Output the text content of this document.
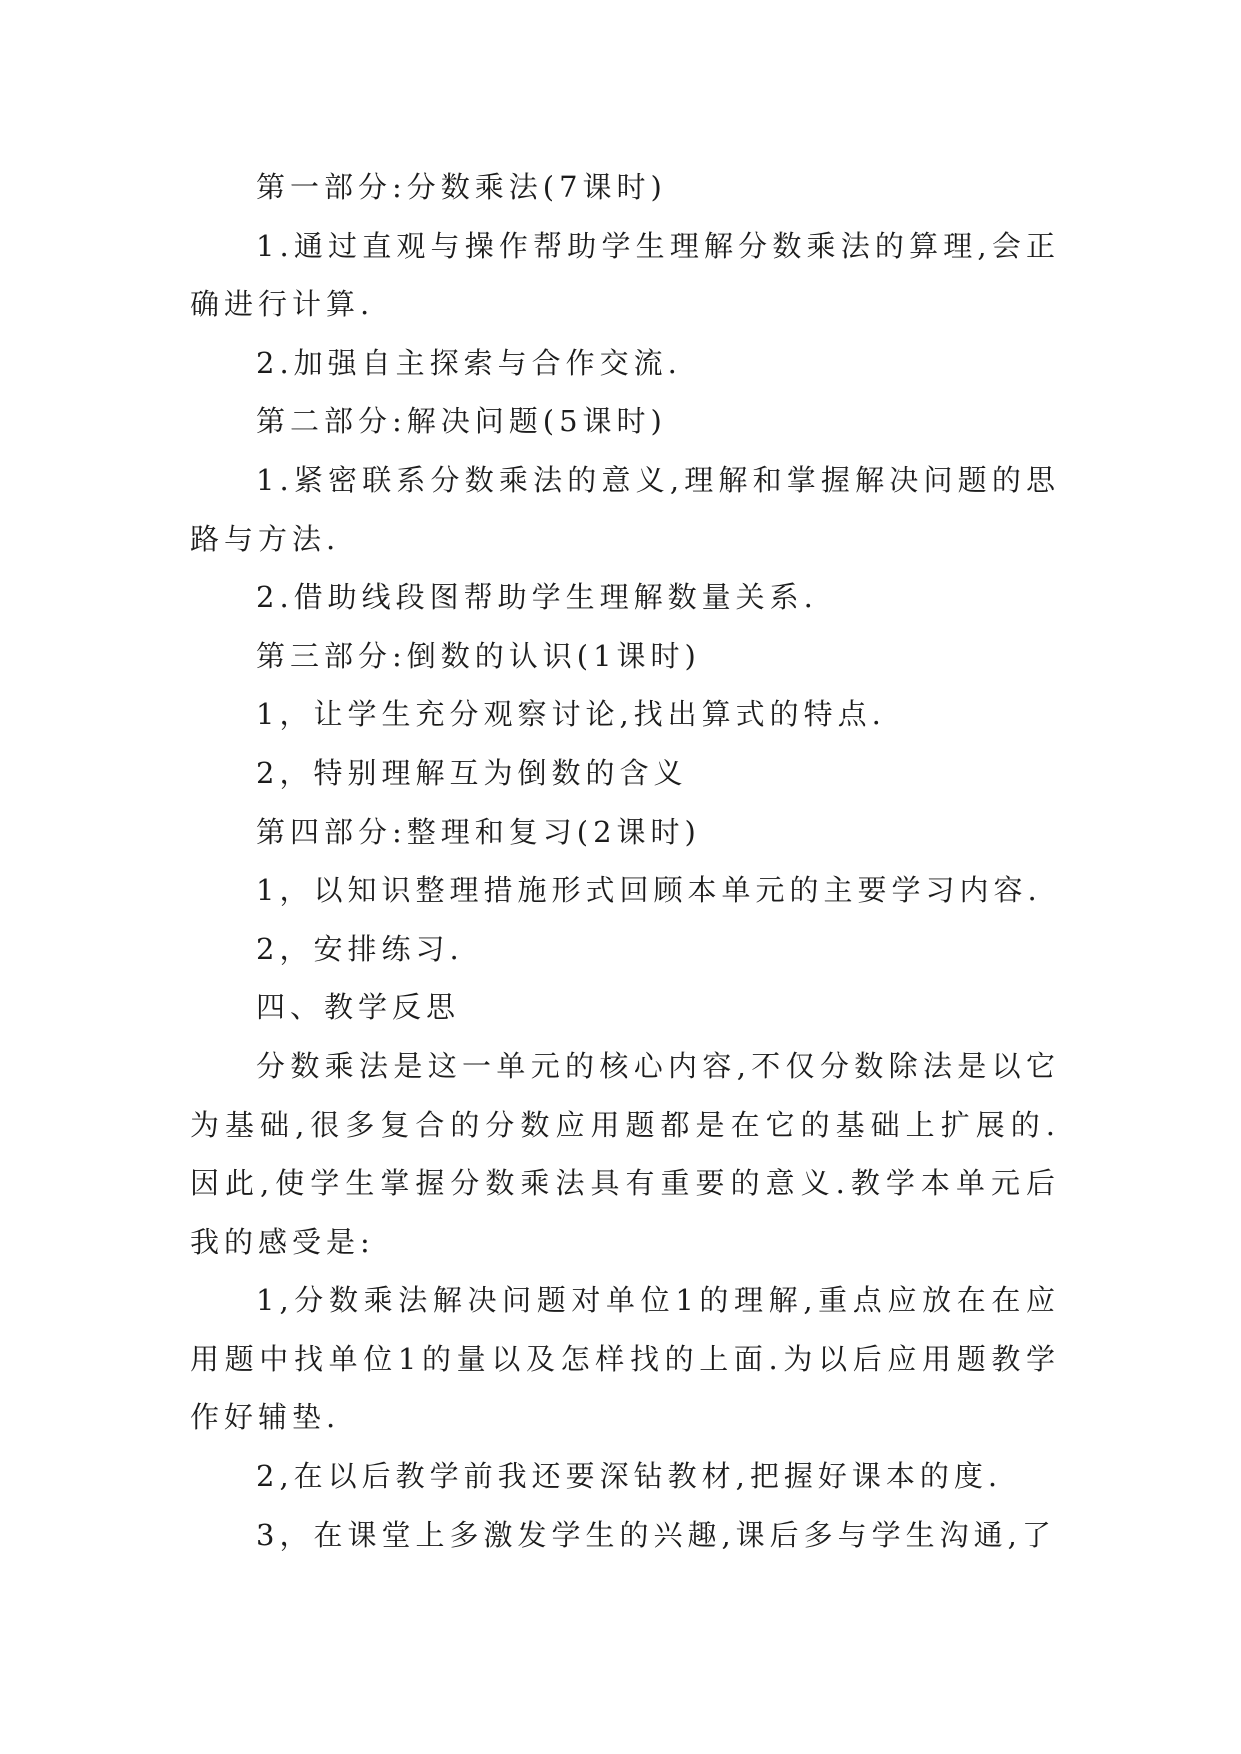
第一部分:分数乘法(7课时)

1.通过直观与操作帮助学生理解分数乘法的算理,会正确进行计算.

2.加强自主探索与合作交流.

第二部分:解决问题(5课时)

1.紧密联系分数乘法的意义,理解和掌握解决问题的思路与方法.

2.借助线段图帮助学生理解数量关系.

第三部分:倒数的认识(1课时)

1，让学生充分观察讨论,找出算式的特点.

2，特别理解互为倒数的含义

第四部分:整理和复习(2课时)

1，以知识整理措施形式回顾本单元的主要学习内容.

2，安排练习.

四、教学反思

分数乘法是这一单元的核心内容,不仅分数除法是以它为基础,很多复合的分数应用题都是在它的基础上扩展的.因此,使学生掌握分数乘法具有重要的意义.教学本单元后我的感受是:

1,分数乘法解决问题对单位1的理解,重点应放在在应用题中找单位1的量以及怎样找的上面.为以后应用题教学作好辅垫.

2,在以后教学前我还要深钻教材,把握好课本的度.

3，在课堂上多激发学生的兴趣,课后多与学生沟通,了
